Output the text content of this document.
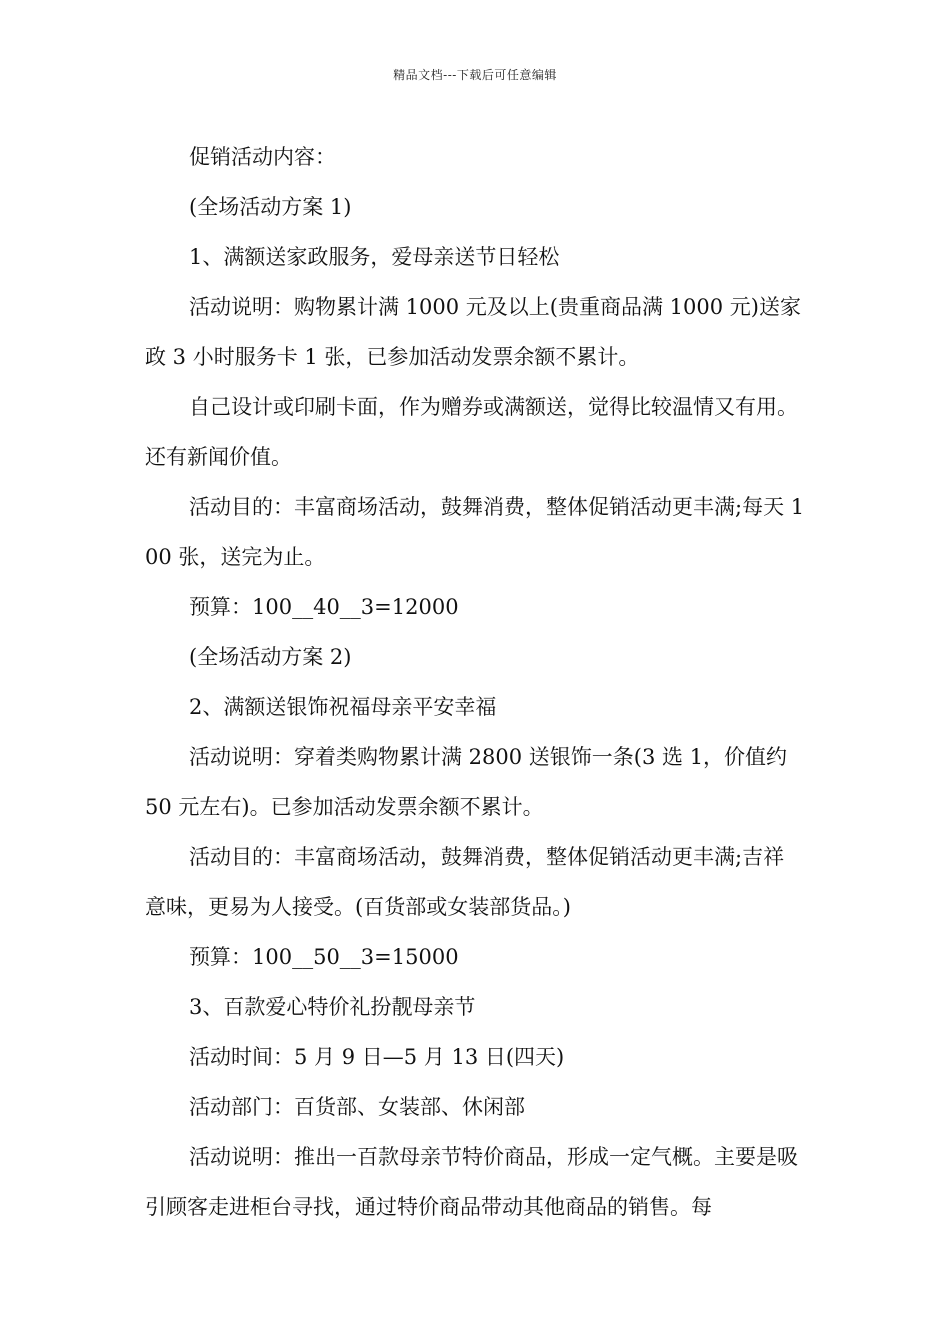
精品文档---下载后可任意编辑

促销活动内容：

(全场活动方案 1)

1、满额送家政服务，爱母亲送节日轻松

活动说明：购物累计满 1000 元及以上(贵重商品满 1000 元)送家政 3 小时服务卡 1 张，已参加活动发票余额不累计。

自己设计或印刷卡面，作为赠券或满额送，觉得比较温情又有用。还有新闻价值。

活动目的：丰富商场活动，鼓舞消费，整体促销活动更丰满;每天 100 张，送完为止。

预算：100__40__3=12000

(全场活动方案 2)

2、满额送银饰祝福母亲平安幸福

活动说明：穿着类购物累计满 2800 送银饰一条(3 选 1，价值约 50 元左右)。已参加活动发票余额不累计。

活动目的：丰富商场活动，鼓舞消费，整体促销活动更丰满;吉祥意味，更易为人接受。(百货部或女装部货品。)

预算：100__50__3=15000

3、百款爱心特价礼扮靓母亲节

活动时间：5 月 9 日—5 月 13 日(四天)

活动部门：百货部、女装部、休闲部

活动说明：推出一百款母亲节特价商品，形成一定气概。主要是吸引顾客走进柜台寻找，通过特价商品带动其他商品的销售。每
